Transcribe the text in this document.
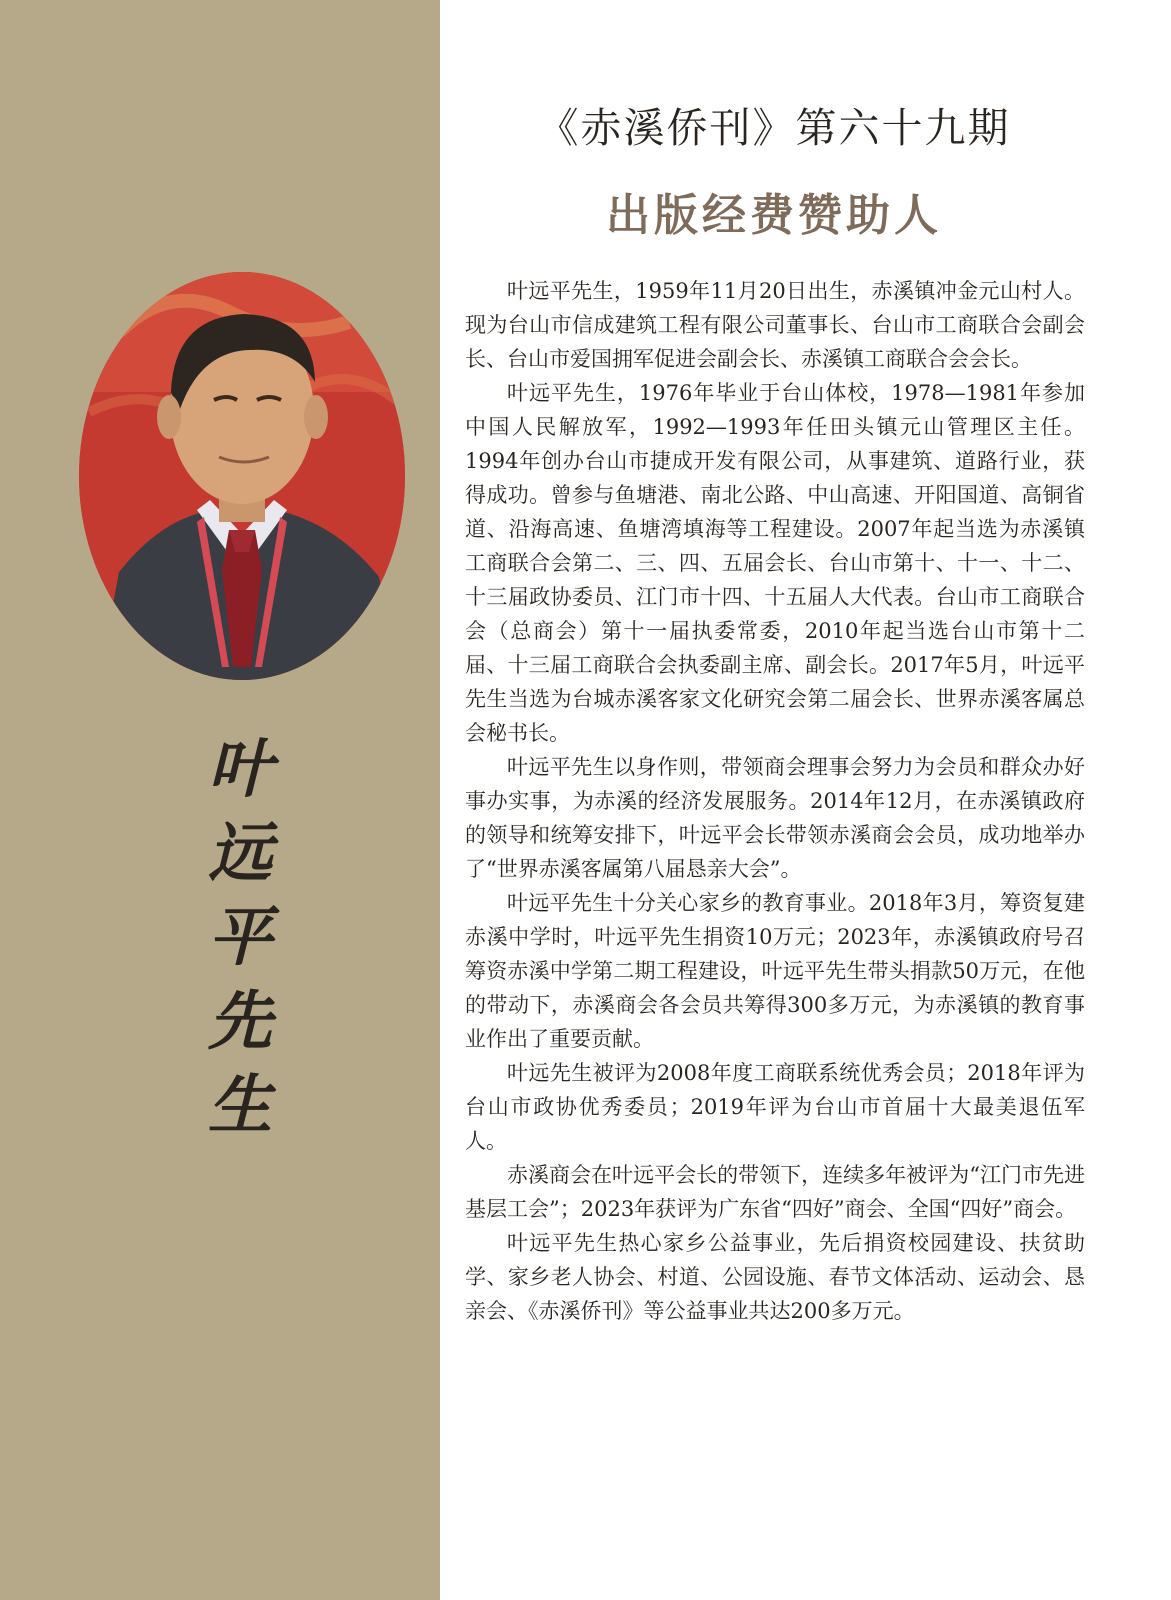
叶
远
平
先
生
《赤溪侨刊》第六十九期
出版经费赞助人

叶远平先生，1959年11月20日出生，赤溪镇冲金元山村人。现为台山市信成建筑工程有限公司董事长、台山市工商联合会副会长、台山市爱国拥军促进会副会长、赤溪镇工商联合会会长。

叶远平先生，1976年毕业于台山体校，1978—1981年参加中国人民解放军，1992—1993年任田头镇元山管理区主任。1994年创办台山市捷成开发有限公司，从事建筑、道路行业，获得成功。曾参与鱼塘港、南北公路、中山高速、开阳国道、高铜省道、沿海高速、鱼塘湾填海等工程建设。2007年起当选为赤溪镇工商联合会第二、三、四、五届会长、台山市第十、十一、十二、十三届政协委员、江门市十四、十五届人大代表。台山市工商联合会（总商会）第十一届执委常委，2010年起当选台山市第十二届、十三届工商联合会执委副主席、副会长。2017年5月，叶远平先生当选为台城赤溪客家文化研究会第二届会长、世界赤溪客属总会秘书长。

叶远平先生以身作则，带领商会理事会努力为会员和群众办好事办实事，为赤溪的经济发展服务。2014年12月，在赤溪镇政府的领导和统筹安排下，叶远平会长带领赤溪商会会员，成功地举办了“世界赤溪客属第八届恳亲大会”。

叶远平先生十分关心家乡的教育事业。2018年3月，筹资复建赤溪中学时，叶远平先生捐资10万元；2023年，赤溪镇政府号召筹资赤溪中学第二期工程建设，叶远平先生带头捐款50万元，在他的带动下，赤溪商会各会员共筹得300多万元，为赤溪镇的教育事业作出了重要贡献。

叶远先生被评为2008年度工商联系统优秀会员；2018年评为台山市政协优秀委员；2019年评为台山市首届十大最美退伍军人。

赤溪商会在叶远平会长的带领下，连续多年被评为“江门市先进基层工会”；2023年获评为广东省“四好”商会、全国“四好”商会。

叶远平先生热心家乡公益事业，先后捐资校园建设、扶贫助学、家乡老人协会、村道、公园设施、春节文体活动、运动会、恳亲会、《赤溪侨刊》等公益事业共达200多万元。
